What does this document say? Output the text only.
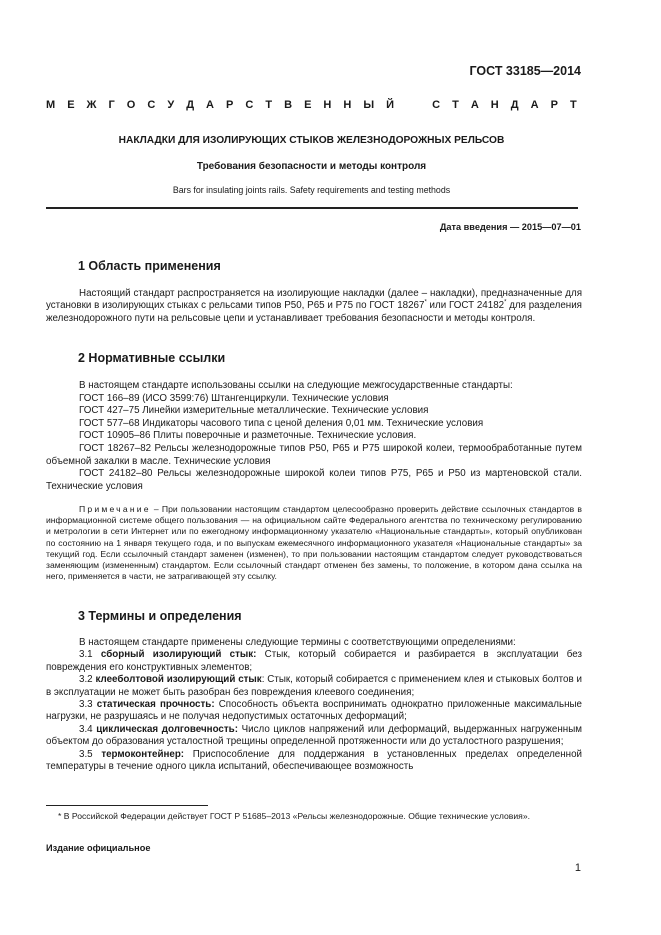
ГОСТ 33185—2014
М Е Ж Г О С У Д А Р С Т В Е Н Н Ы Й
	С Т А Н Д А Р Т
НАКЛАДКИ ДЛЯ ИЗОЛИРУЮЩИХ СТЫКОВ ЖЕЛЕЗНОДОРОЖНЫХ РЕЛЬСОВ
Требования безопасности и методы контроля
Bars for insulating joints rails. Safety requirements and testing methods
Дата введения — 2015—07—01
1 Область применения

Настоящий стандарт распространяется на изолирующие накладки (далее – накладки), предназначенные для установки в изолирующих стыках с рельсами типов Р50, Р65 и Р75 по ГОСТ 18267* или ГОСТ 24182* для разделения железнодорожного пути на рельсовые цепи и устанавливает требования безопасности и методы контроля.

2 Нормативные ссылки
В настоящем стандарте использованы ссылки на следующие межгосударственные стандарты:
ГОСТ 166–89 (ИСО 3599:76) Штангенциркули. Технические условия
ГОСТ 427–75 Линейки измерительные металлические. Технические условия
ГОСТ 577–68 Индикаторы часового типа с ценой деления 0,01 мм. Технические условия
ГОСТ 10905–86 Плиты поверочные и разметочные. Технические условия.
ГОСТ 18267–82 Рельсы железнодорожные типов Р50, Р65 и Р75 широкой колеи, термообработанные путем объемной закалки в масле. Технические условия
ГОСТ 24182–80 Рельсы железнодорожные широкой колеи типов Р75, Р65 и Р50 из мартеновской стали. Технические условия
Примечание – При пользовании настоящим стандартом целесообразно проверить действие ссылочных стандартов в информационной системе общего пользования — на официальном сайте Федерального агентства по техническому регулированию и метрологии в сети Интернет или по ежегодному информационному указателю «Национальные стандарты», который опубликован по состоянию на 1 января текущего года, и по выпускам ежемесячного информационного указателя «Национальные стандарты» за текущий год. Если ссылочный стандарт заменен (изменен), то при пользовании настоящим стандартом следует руководствоваться заменяющим (измененным) стандартом. Если ссылочный стандарт отменен без замены, то положение, в котором дана ссылка на него, применяется в части, не затрагивающей эту ссылку.
3 Термины и определения

В настоящем стандарте применены следующие термины с соответствующими определениями:

3.1 сборный изолирующий стык: Стык, который собирается и разбирается в эксплуатации без повреждения его конструктивных элементов;

3.2 клееболтовой изолирующий стык: Стык, который собирается с применением клея и стыковых болтов и в эксплуатации не может быть разобран без повреждения клеевого соединения;

3.3 статическая прочность: Способность объекта воспринимать однократно приложенные максимальные нагрузки, не разрушаясь и не получая недопустимых остаточных деформаций;

3.4 циклическая долговечность: Число циклов напряжений или деформаций, выдержанных нагруженным объектом до образования усталостной трещины определенной протяженности или до усталостного разрушения;

3.5 термоконтейнер: Приспособление для поддержания в установленных пределах определенной температуры в течение одного цикла испытаний, обеспечивающее возможность

* В Российской Федерации действует ГОСТ Р 51685–2013 «Рельсы железнодорожные. Общие технические условия».
Издание официальное
1
